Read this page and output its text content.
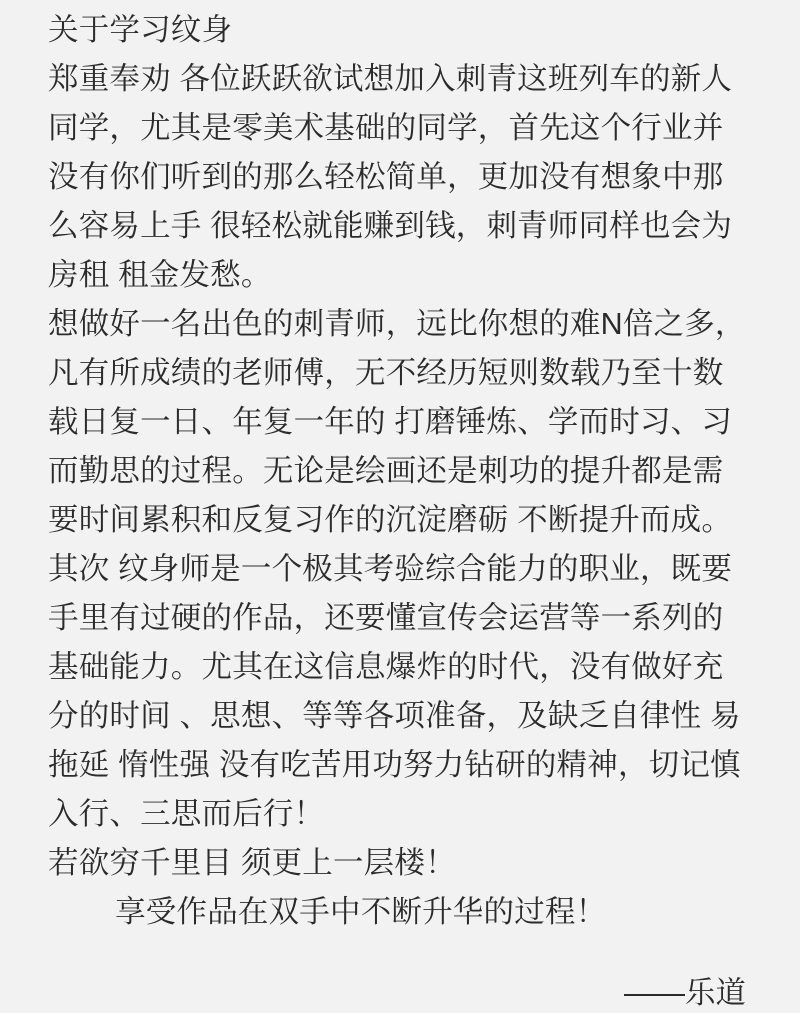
关于学习纹身

郑重奉劝 各位跃跃欲试想加入刺青这班列车的新人同学，尤其是零美术基础的同学，首先这个行业并没有你们听到的那么轻松简单，更加没有想象中那么容易上手 很轻松就能赚到钱，刺青师同样也会为房租 租金发愁。

想做好一名出色的刺青师，远比你想的难N倍之多，凡有所成绩的老师傅，无不经历短则数载乃至十数载日复一日、年复一年的 打磨锤炼、学而时习、习而勤思的过程。无论是绘画还是刺功的提升都是需要时间累积和反复习作的沉淀磨砺 不断提升而成。

其次 纹身师是一个极其考验综合能力的职业，既要手里有过硬的作品，还要懂宣传会运营等一系列的基础能力。尤其在这信息爆炸的时代，没有做好充分的时间 、思想、等等各项准备，及缺乏自律性 易拖延 惰性强 没有吃苦用功努力钻研的精神，切记慎入行、三思而后行！

若欲穷千里目 须更上一层楼！

享受作品在双手中不断升华的过程！

——乐道
